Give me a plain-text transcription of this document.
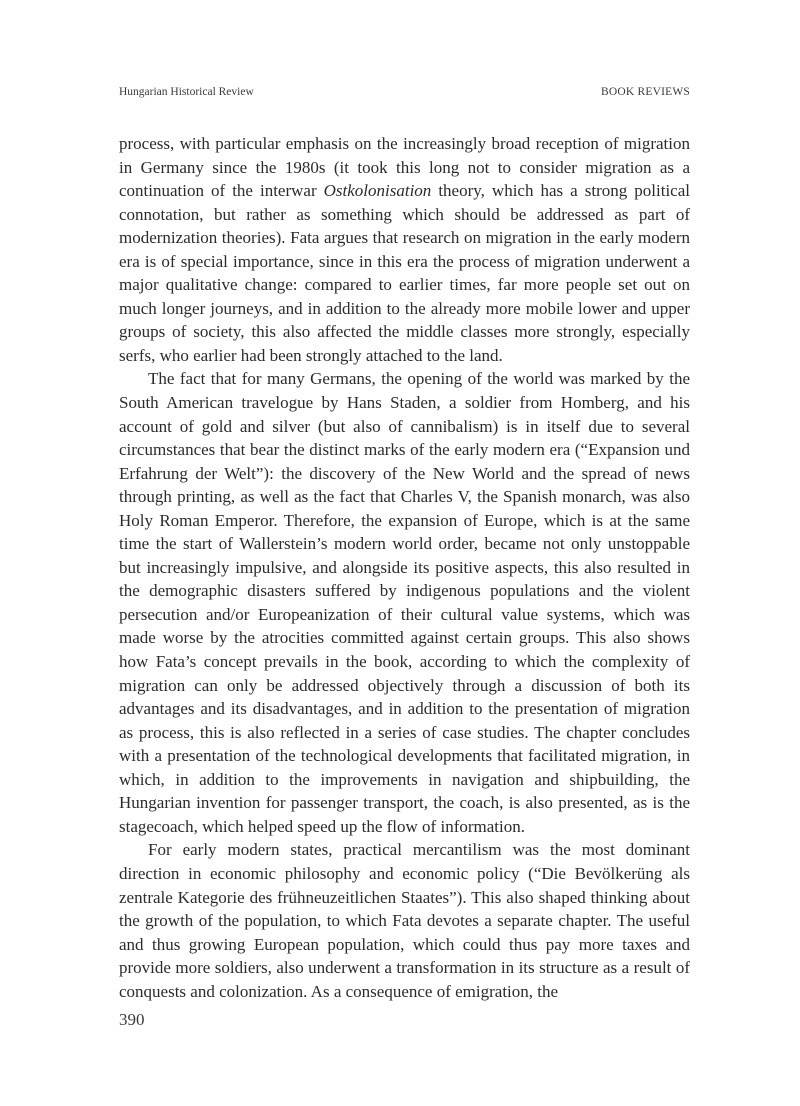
Hungarian Historical Review	BOOK REVIEWS

process, with particular emphasis on the increasingly broad reception of migration in Germany since the 1980s (it took this long not to consider migration as a continuation of the interwar Ostkolonisation theory, which has a strong political connotation, but rather as something which should be addressed as part of modernization theories). Fata argues that research on migration in the early modern era is of special importance, since in this era the process of migration underwent a major qualitative change: compared to earlier times, far more people set out on much longer journeys, and in addition to the already more mobile lower and upper groups of society, this also affected the middle classes more strongly, especially serfs, who earlier had been strongly attached to the land.

The fact that for many Germans, the opening of the world was marked by the South American travelogue by Hans Staden, a soldier from Homberg, and his account of gold and silver (but also of cannibalism) is in itself due to several circumstances that bear the distinct marks of the early modern era (“Expansion und Erfahrung der Welt”): the discovery of the New World and the spread of news through printing, as well as the fact that Charles V, the Spanish monarch, was also Holy Roman Emperor. Therefore, the expansion of Europe, which is at the same time the start of Wallerstein’s modern world order, became not only unstoppable but increasingly impulsive, and alongside its positive aspects, this also resulted in the demographic disasters suffered by indigenous populations and the violent persecution and/or Europeanization of their cultural value systems, which was made worse by the atrocities committed against certain groups. This also shows how Fata’s concept prevails in the book, according to which the complexity of migration can only be addressed objectively through a discussion of both its advantages and its disadvantages, and in addition to the presentation of migration as process, this is also reflected in a series of case studies. The chapter concludes with a presentation of the technological developments that facilitated migration, in which, in addition to the improvements in navigation and shipbuilding, the Hungarian invention for passenger transport, the coach, is also presented, as is the stagecoach, which helped speed up the flow of information.

For early modern states, practical mercantilism was the most dominant direction in economic philosophy and economic policy (“Die Bevölkerüng als zentrale Kategorie des frühneuzeitlichen Staates”). This also shaped thinking about the growth of the population, to which Fata devotes a separate chapter. The useful and thus growing European population, which could thus pay more taxes and provide more soldiers, also underwent a transformation in its structure as a result of conquests and colonization. As a consequence of emigration, the

390
